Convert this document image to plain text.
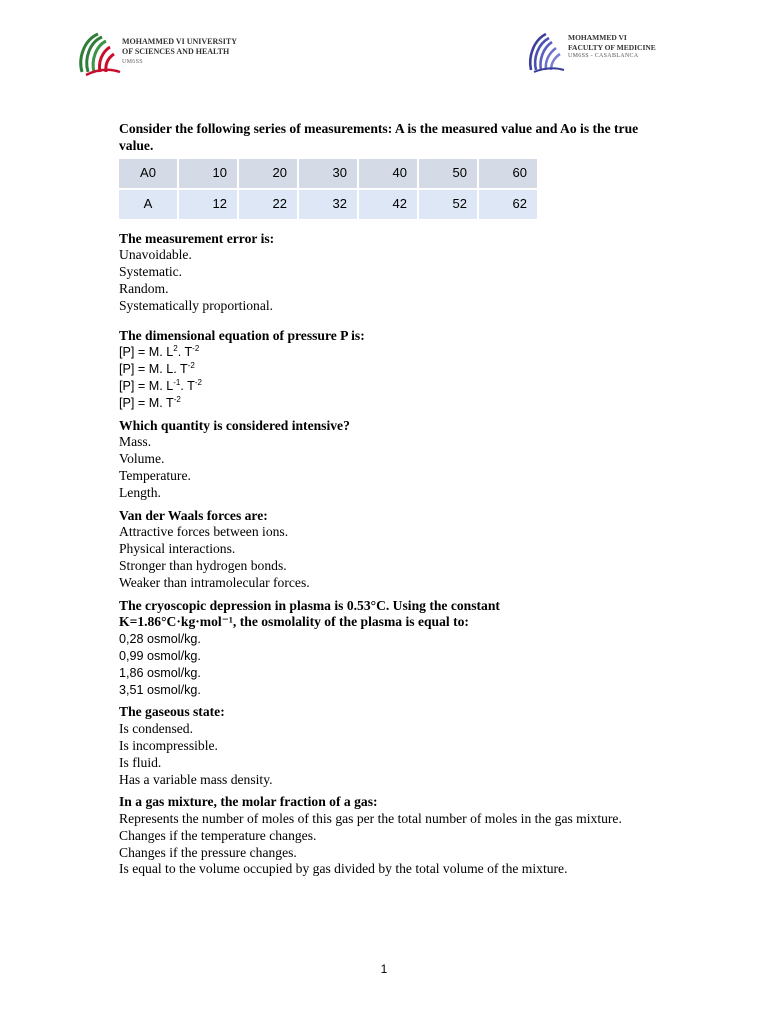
MOHAMMED VI UNIVERSITY
OF SCIENCES AND HEALTH
UM6SS
MOHAMMED VI
FACULTY OF MEDICINE
UM6SS - CASABLANCA

Consider the following series of measurements: A is the measured value and Ao is the true value.

A0	10	20	30	40	50	60
A	12	22	32	42	52	62
The measurement error is:
Unavoidable.
Systematic.
Random.
Systematically proportional.
The dimensional equation of pressure P is:
[P] = M. $L^2$. $T^{-2}$
[P] = M. L. $T^{-2}$
[P] = M. $L^{-1}$. $T^{-2}$
[P] = M. $T^{-2}$
Which quantity is considered intensive?
Mass.
Volume.
Temperature.
Length.
Van der Waals forces are:
Attractive forces between ions.
Physical interactions.
Stronger than hydrogen bonds.
Weaker than intramolecular forces.
The cryoscopic depression in plasma is 0.53°C. Using the constant
K=1.86°C·kg·mol⁻¹, the osmolality of the plasma is equal to:
0,28 osmol/kg.
0,99 osmol/kg.
1,86 osmol/kg.
3,51 osmol/kg.
The gaseous state:
Is condensed.
Is incompressible.
Is fluid.
Has a variable mass density.
In a gas mixture, the molar fraction of a gas:
Represents the number of moles of this gas per the total number of moles in the gas mixture.
Changes if the temperature changes.
Changes if the pressure changes.
Is equal to the volume occupied by gas divided by the total volume of the mixture.
1
